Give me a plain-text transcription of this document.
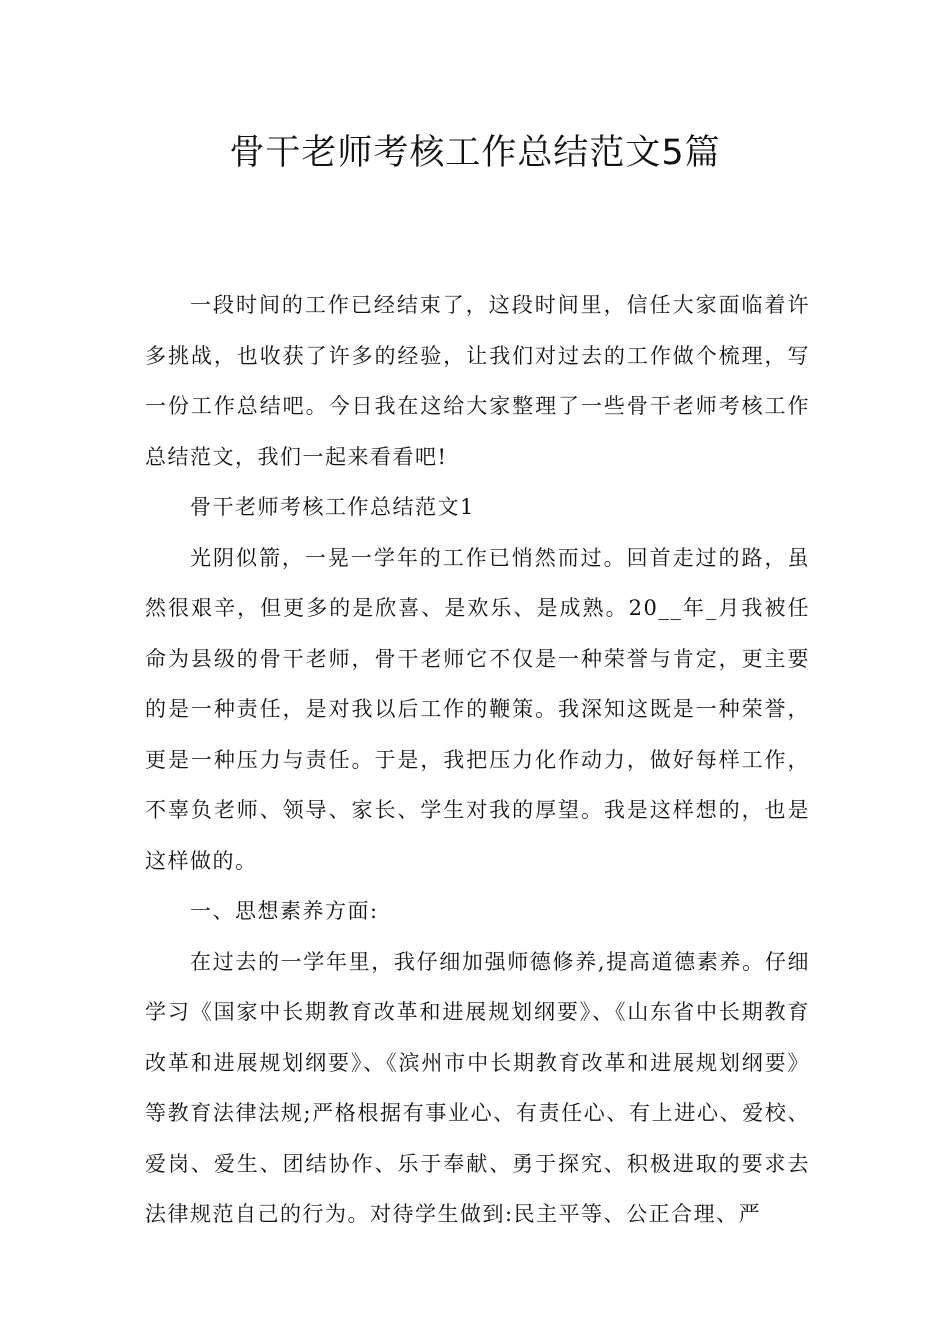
骨干老师考核工作总结范文5篇

一段时间的工作已经结束了，这段时间里，信任大家面临着许多挑战，也收获了许多的经验，让我们对过去的工作做个梳理，写一份工作总结吧。今日我在这给大家整理了一些骨干老师考核工作总结范文，我们一起来看看吧!

骨干老师考核工作总结范文1

光阴似箭，一晃一学年的工作已悄然而过。回首走过的路，虽然很艰辛，但更多的是欣喜、是欢乐、是成熟。20__年_月我被任命为县级的骨干老师，骨干老师它不仅是一种荣誉与肯定，更主要的是一种责任，是对我以后工作的鞭策。我深知这既是一种荣誉，更是一种压力与责任。于是，我把压力化作动力，做好每样工作，不辜负老师、领导、家长、学生对我的厚望。我是这样想的，也是这样做的。

一、思想素养方面:

在过去的一学年里，我仔细加强师德修养,提高道德素养。仔细学习《国家中长期教育改革和进展规划纲要》、《山东省中长期教育改革和进展规划纲要》、《滨州市中长期教育改革和进展规划纲要》等教育法律法规;严格根据有事业心、有责任心、有上进心、爱校、爱岗、爱生、团结协作、乐于奉献、勇于探究、积极进取的要求去法律规范自己的行为。对待学生做到:民主平等、公正合理、严
